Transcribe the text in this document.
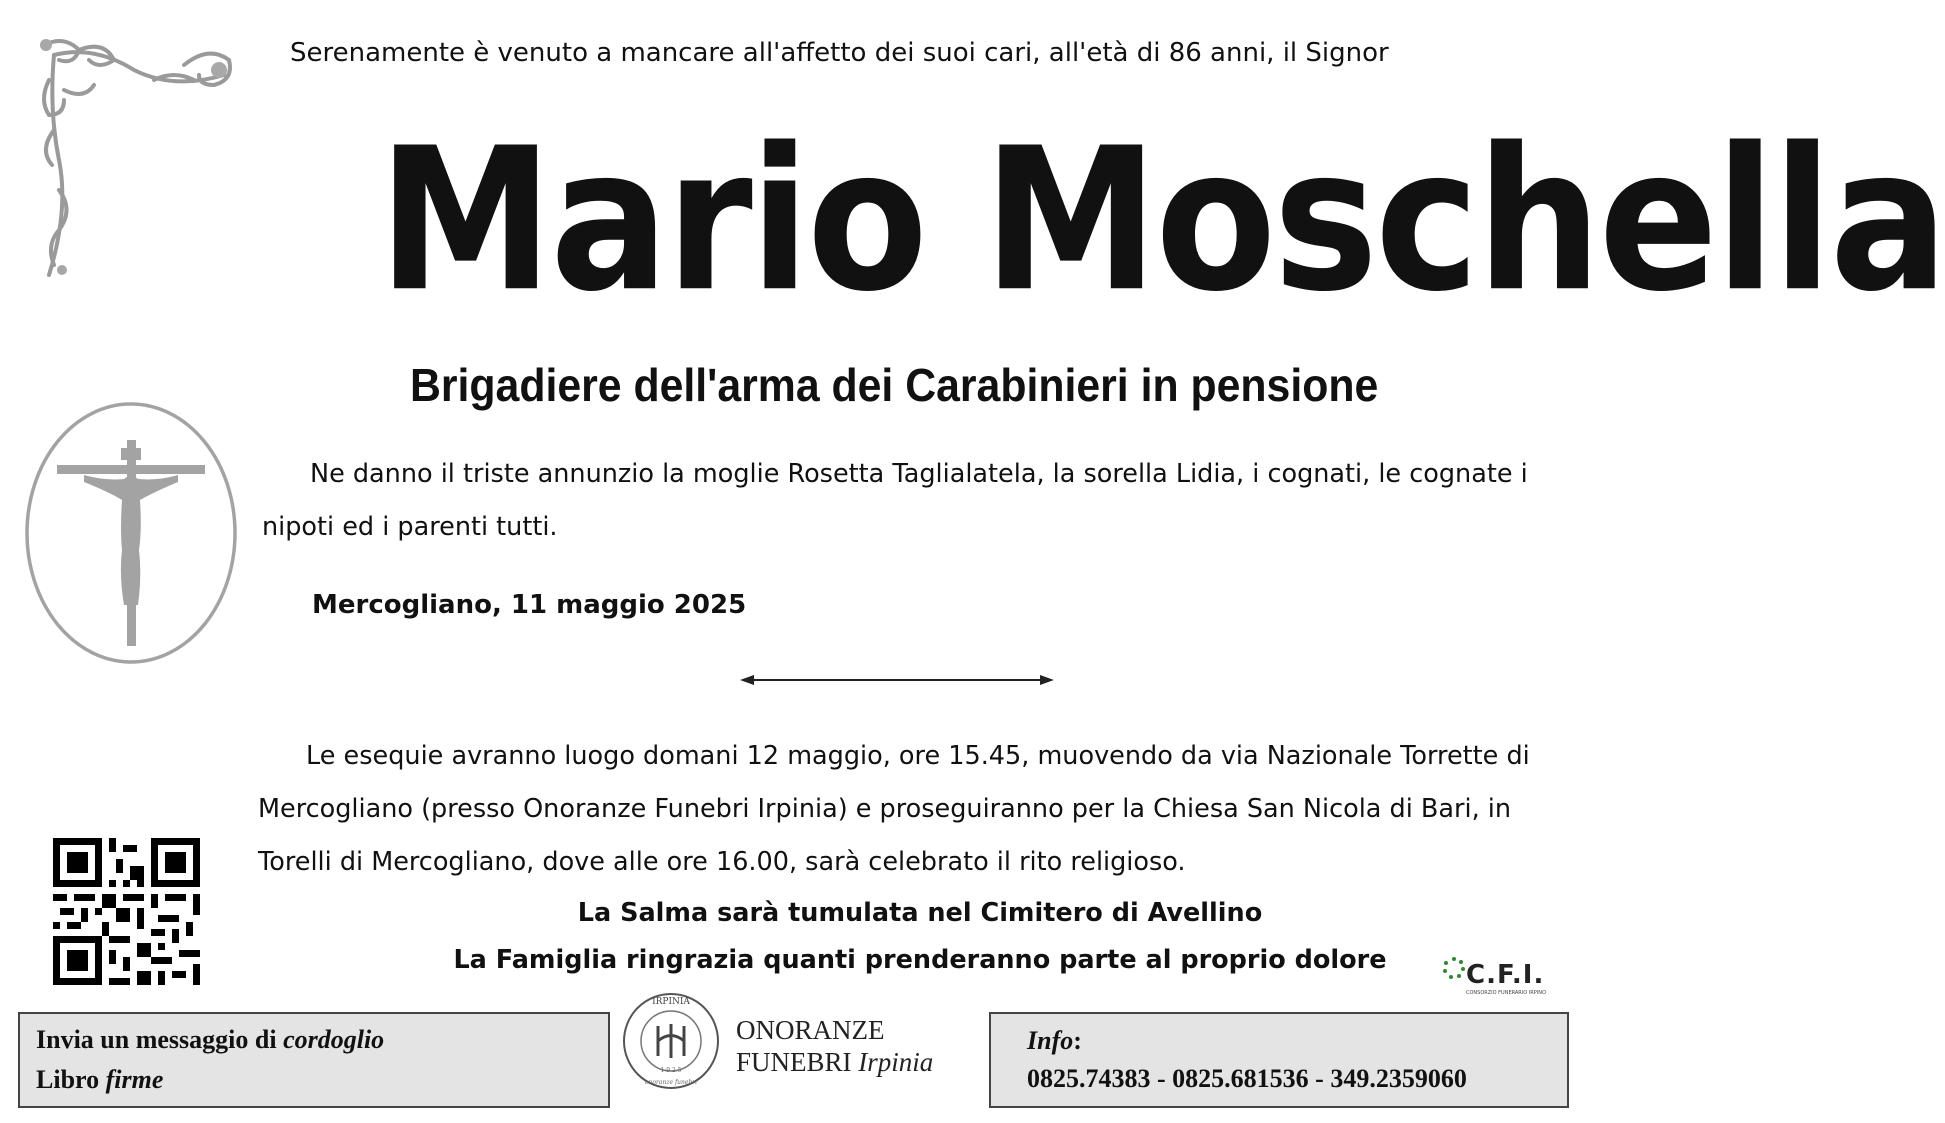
Serenamente è venuto a mancare all'affetto dei suoi cari, all'età di 86 anni, il Signor
Mario Moschella
Brigadiere dell'arma dei Carabinieri in pensione
Ne danno il triste annunzio la moglie Rosetta Taglialatela, la sorella Lidia, i cognati, le cognate i nipoti ed i parenti tutti.
Mercogliano, 11 maggio 2025
Le esequie avranno luogo domani 12 maggio, ore 15.45, muovendo da via Nazionale Torrette di Mercogliano (presso Onoranze Funebri Irpinia) e proseguiranno per la Chiesa San Nicola di Bari, in Torelli di Mercogliano, dove alle ore 16.00, sarà celebrato il rito religioso.
La Salma sarà tumulata nel Cimitero di Avellino
La Famiglia ringrazia quanti prenderanno parte al proprio dolore	C.F.I.
CONSORZIO FUNERARIO IRPINO
Invia un messaggio di cordoglio
Libro firme
IRPINIA
1 9 2 5
onoranze funebri
ONORANZE
FUNEBRI Irpinia
Info:
0825.74383 - 0825.681536 - 349.2359060
